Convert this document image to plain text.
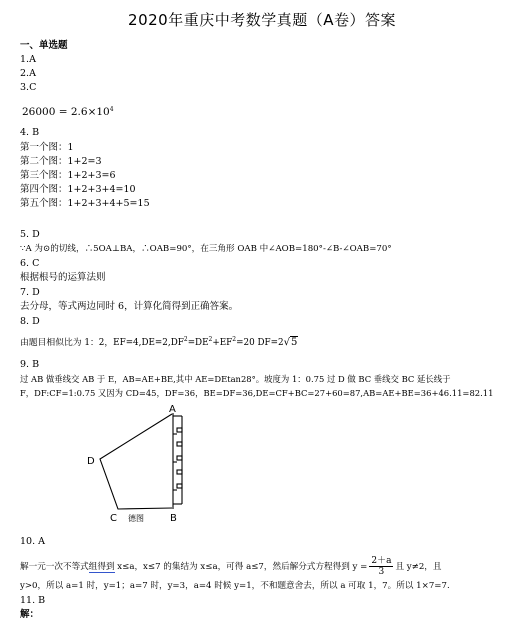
2020年重庆中考数学真题（A卷）答案
一、单选题
1.A
2.A
3.C
$26000 = 2.6\times 10^4$
4. B
第一个图：1
第二个图：1+2=3
第三个图：1+2+3=6
第四个图：1+2+3+4=10
第五个图：1+2+3+4+5=15
5. D
∵A 为⊙的切线，∴5OA⊥BA，∴OAB=90°，在三角形 OAB 中∠AOB=180°-∠B-∠OAB=70°
6. C
根据根号的运算法则
7. D
去分母，等式两边同时 6，计算化简得到正确答案。
8. D
由题目相似比为 1：2，$EF=4,DE=2,DF^2=DE^2+EF^2=20$ DF=2√5
9. B
过 AB 做垂线交 AB 于 E，AB=AE+BE,其中 AE=DEtan28°。坡度为 1：0.75 过 D 做 BC 垂线交 BC 延长线于
F，DF:CF=1:0.75 又因为 CD=45，DF=36，BE=DF=36,DE=CF+BC=27+60=87,AB=AE+BE=36+46.11=82.11
A
D
C	B
德图
10. A
解一元一次不等式组得到 x≤a，x≤7 的集结为 x≤a，可得 a≤7，然后解分式方程得到 $y = \frac{2+a}{3}$ 且 y≠2，且
y>0，所以 a=1 时，y=1；a=7 时，y=3，a=4 时候 y=1，不和题意舍去，所以 a 可取 1，7。所以 1×7=7.
11. B
解：
